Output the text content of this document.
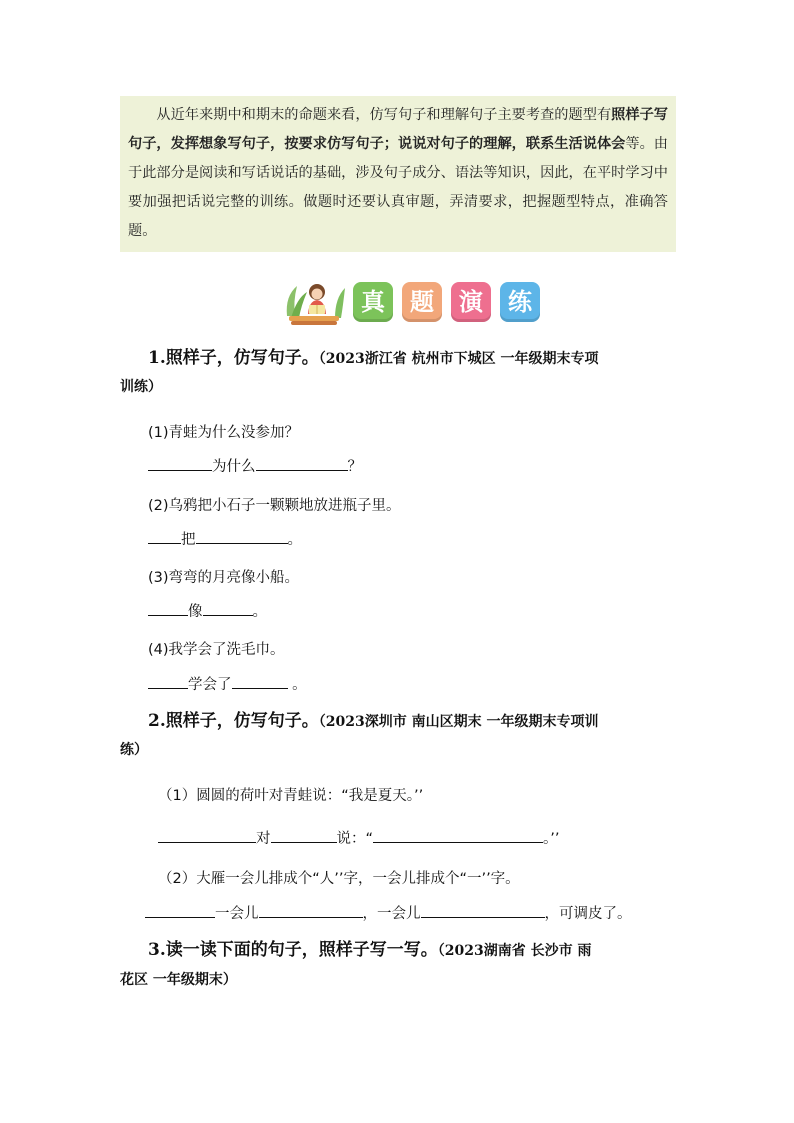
从近年来期中和期末的命题来看，仿写句子和理解句子主要考查的题型有照样子写句子，发挥想象写句子，按要求仿写句子；说说对句子的理解，联系生活说体会等。由于此部分是阅读和写话说话的基础，涉及句子成分、语法等知识，因此，在平时学习中要加强把话说完整的训练。做题时还要认真审题，弄清要求，把握题型特点，准确答题。

真	题	演	练
1.照样子，仿写句子。（2023浙江省 杭州市下城区 一年级期末专项
训练）
(1)青蛙为什么没参加？
为什么	？
(2)乌鸦把小石子一颗颗地放进瓶子里。
把	。
(3)弯弯的月亮像小船。
像	。
(4)我学会了洗毛巾。
学会了	。
2.照样子，仿写句子。（2023深圳市 南山区期末 一年级期末专项训
练）
（1）圆圆的荷叶对青蛙说：“我是夏天。’’
对	说：“	。’’
（2）大雁一会儿排成个“人’’字，一会儿排成个“一’’字。
一会儿	，一会儿	，可调皮了。
3.读一读下面的句子，照样子写一写。（2023湖南省 长沙市 雨
花区 一年级期末）
